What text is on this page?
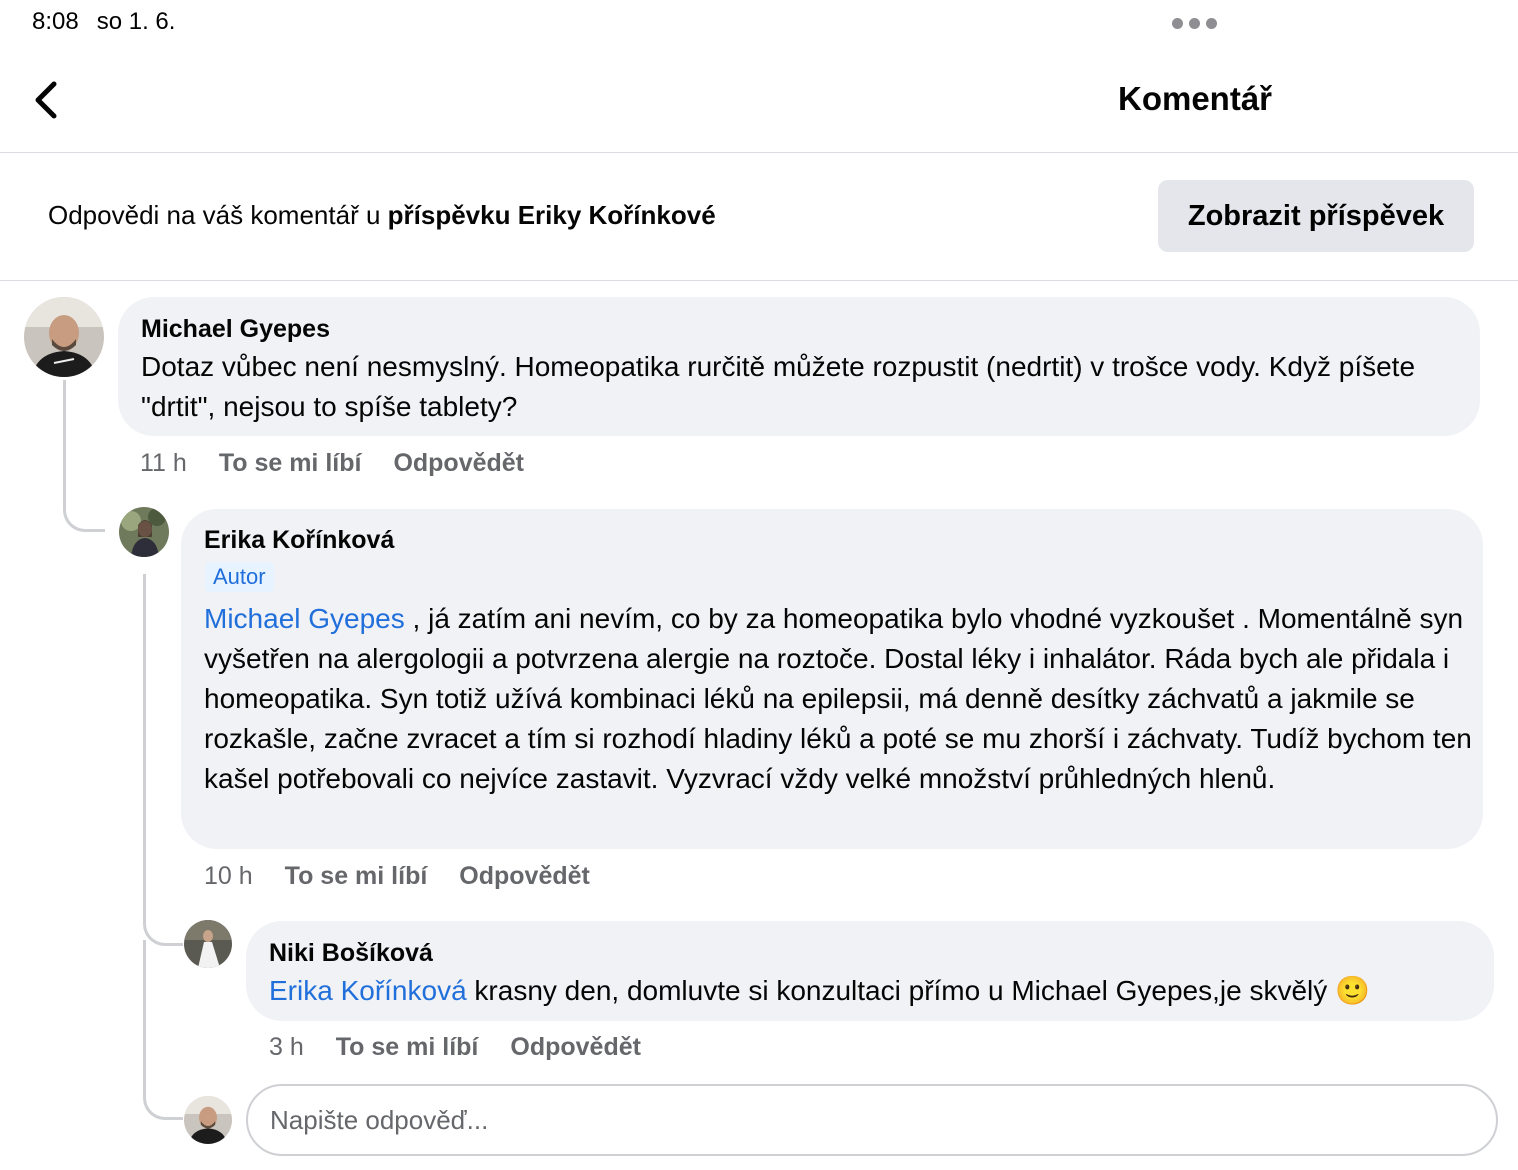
8:08 so 1. 6.
Komentář
Odpovědi na váš komentář u příspěvku Eriky Kořínkové	Zobrazit příspěvek
Michael Gyepes
Dotaz vůbec není nesmyslný. Homeopatika rurčitě můžete rozpustit (nedrtit) v trošce vody. Když píšete "drtit", nejsou to spíše tablety?
11 h To se mi líbí Odpovědět
Erika Kořínková
Autor
Michael Gyepes , já zatím ani nevím, co by za homeopatika bylo vhodné vyzkoušet . Momentálně syn vyšetřen na alergologii a potvrzena alergie na roztoče. Dostal léky i inhalátor. Ráda bych ale přidala i homeopatika. Syn totiž užívá kombinaci léků na epilepsii, má denně desítky záchvatů a jakmile se rozkašle, začne zvracet a tím si rozhodí hladiny léků a poté se mu zhorší i záchvaty. Tudíž bychom ten kašel potřebovali co nejvíce zastavit. Vyzvrací vždy velké množství průhledných hlenů.
10 h To se mi líbí Odpovědět
Niki Bošíková
Erika Kořínková krasny den, domluvte si konzultaci přímo u Michael Gyepes,je skvělý 🙂
3 h To se mi líbí Odpovědět
Napište odpověď...
